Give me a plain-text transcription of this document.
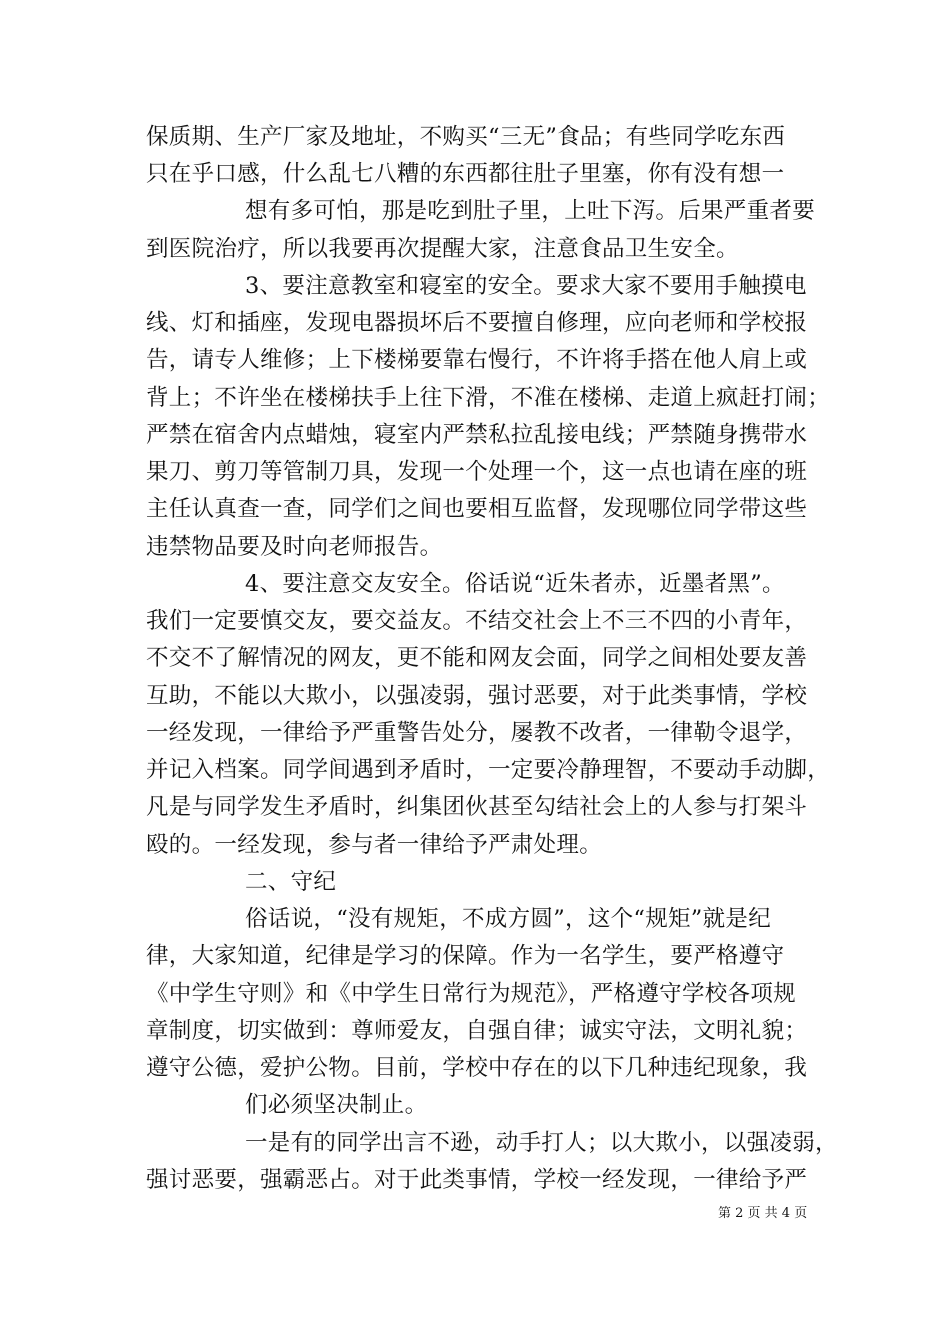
保质期、生产厂家及地址，不购买“三无”食品；有些同学吃东西
只在乎口感，什么乱七八糟的东西都往肚子里塞，你有没有想一
想有多可怕，那是吃到肚子里，上吐下泻。后果严重者要
到医院治疗，所以我要再次提醒大家，注意食品卫生安全。
3、要注意教室和寝室的安全。要求大家不要用手触摸电
线、灯和插座，发现电器损坏后不要擅自修理，应向老师和学校报
告，请专人维修；上下楼梯要靠右慢行，不许将手搭在他人肩上或
背上；不许坐在楼梯扶手上往下滑，不准在楼梯、走道上疯赶打闹；
严禁在宿舍内点蜡烛，寝室内严禁私拉乱接电线；严禁随身携带水
果刀、剪刀等管制刀具，发现一个处理一个，这一点也请在座的班
主任认真查一查，同学们之间也要相互监督，发现哪位同学带这些
违禁物品要及时向老师报告。
4、要注意交友安全。俗话说“近朱者赤，近墨者黑”。
我们一定要慎交友，要交益友。不结交社会上不三不四的小青年，
不交不了解情况的网友，更不能和网友会面，同学之间相处要友善
互助，不能以大欺小，以强凌弱，强讨恶要，对于此类事情，学校
一经发现，一律给予严重警告处分，屡教不改者，一律勒令退学，
并记入档案。同学间遇到矛盾时，一定要冷静理智，不要动手动脚，
凡是与同学发生矛盾时，纠集团伙甚至勾结社会上的人参与打架斗
殴的。一经发现，参与者一律给予严肃处理。
二、守纪
俗话说，“没有规矩，不成方圆”，这个“规矩”就是纪
律，大家知道，纪律是学习的保障。作为一名学生，要严格遵守
《中学生守则》和《中学生日常行为规范》，严格遵守学校各项规
章制度，切实做到：尊师爱友，自强自律；诚实守法，文明礼貌；
遵守公德，爱护公物。目前，学校中存在的以下几种违纪现象，我
们必须坚决制止。
一是有的同学出言不逊，动手打人；以大欺小，以强凌弱，
强讨恶要，强霸恶占。对于此类事情，学校一经发现，一律给予严
第 2 页 共 4 页
